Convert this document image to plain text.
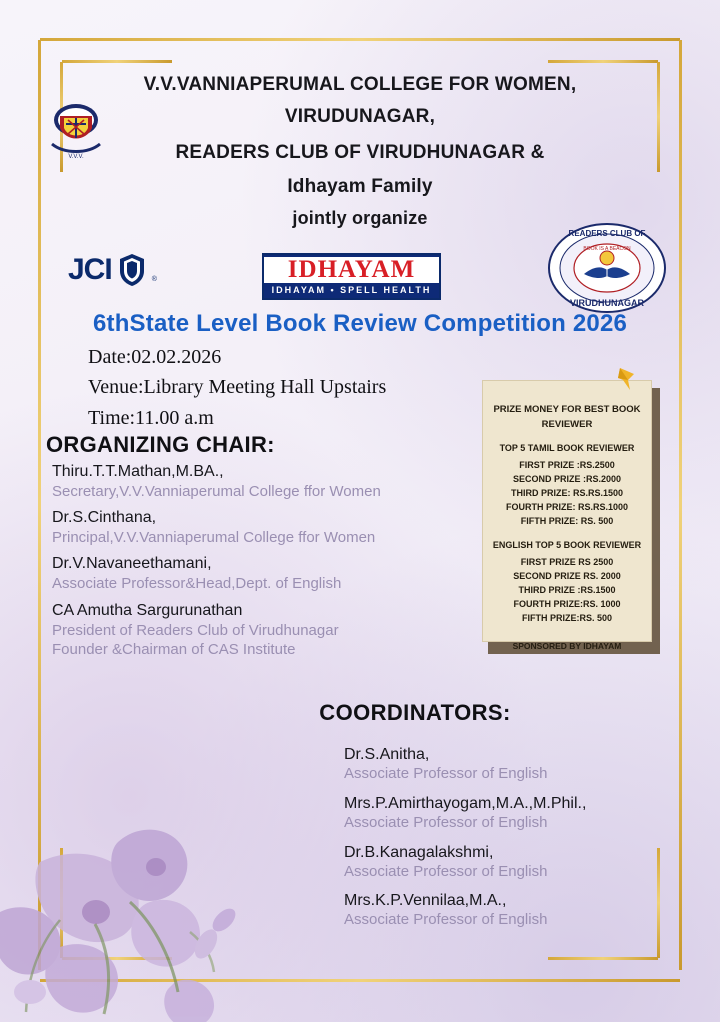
V.V.V.
V.V.VANNIAPERUMAL COLLEGE FOR WOMEN,
VIRUDUNAGAR,
READERS CLUB OF VIRUDHUNAGAR &
Idhayam Family
jointly organize
JCI	®	IDHAYAM
IDHAYAM • SPELL HEALTH
READERS CLUB OF
VIRUDHUNAGAR
BOOK IS A BEACON
6thState Level Book Review Competition 2026
Date:02.02.2026
Venue:Library Meeting Hall Upstairs
Time:11.00 a.m
ORGANIZING CHAIR:
Thiru.T.T.Mathan,M.BA.,
Secretary,V.V.Vanniaperumal College ffor Women
Dr.S.Cinthana,
Principal,V.V.Vanniaperumal College ffor Women
Dr.V.Navaneethamani,
Associate Professor&Head,Dept. of English
CA Amutha Sargurunathan
President of Readers Club of Virudhunagar
Founder &Chairman of CAS Institute
PRIZE MONEY FOR BEST BOOK REVIEWER
TOP 5 TAMIL BOOK REVIEWER
FIRST PRIZE :RS.2500
SECOND PRIZE :RS.2000
THIRD PRIZE: RS.RS.1500
FOURTH PRIZE: RS.RS.1000
FIFTH PRIZE: RS. 500
ENGLISH TOP 5 BOOK REVIEWER
FIRST PRIZE RS 2500
SECOND PRIZE RS. 2000
THIRD PRIZE :RS.1500
FOURTH PRIZE:RS. 1000
FIFTH PRIZE:RS. 500
SPONSORED BY IDHAYAM
COORDINATORS:
Dr.S.Anitha,
Associate Professor of English
Mrs.P.Amirthayogam,M.A.,M.Phil.,
Associate Professor of English
Dr.B.Kanagalakshmi,
Associate Professor of English
Mrs.K.P.Vennilaa,M.A.,
Associate Professor of English
